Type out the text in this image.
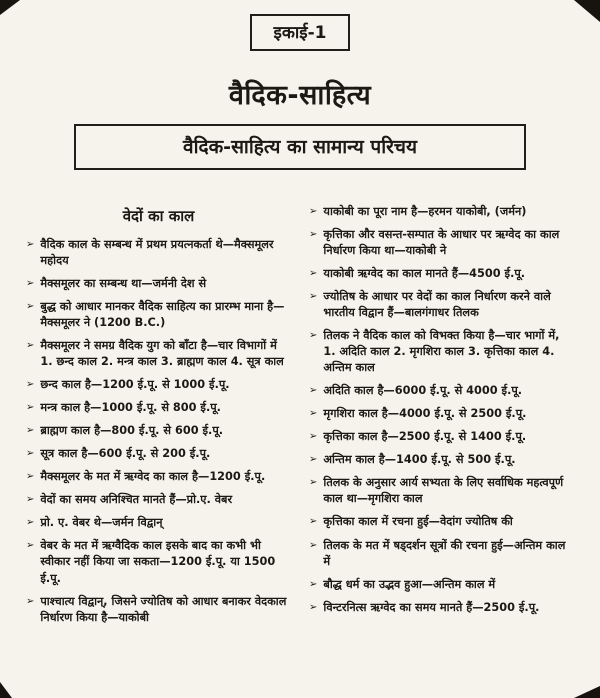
इकाई-1
वैदिक-साहित्य
वैदिक-साहित्य का सामान्य परिचय
वेदों का काल
➢ वैदिक काल के सम्बन्ध में प्रथम प्रयत्नकर्ता थे—मैक्समूलर महोदय
➢ मैक्समूलर का सम्बन्ध था—जर्मनी देश से
➢ बुद्ध को आधार मानकर वैदिक साहित्य का प्रारम्भ माना है—मैक्समूलर ने (1200 B.C.)
➢ मैक्समूलर ने समग्र वैदिक युग को बाँटा है—चार विभागों में 1. छन्द काल 2. मन्त्र काल 3. ब्राह्मण काल 4. सूत्र काल
➢ छन्द काल है—1200 ई.पू. से 1000 ई.पू.
➢ मन्त्र काल है—1000 ई.पू. से 800 ई.पू.
➢ ब्राह्मण काल है—800 ई.पू. से 600 ई.पू.
➢ सूत्र काल है—600 ई.पू. से 200 ई.पू.
➢ मैक्समूलर के मत में ऋग्वेद का काल है—1200 ई.पू.
➢ वेदों का समय अनिश्चित मानते हैं—प्रो.ए. वेबर
➢ प्रो. ए. वेबर थे—जर्मन विद्वान्
➢ वेबर के मत में ऋग्वैदिक काल इसके बाद का कभी भी स्वीकार नहीं किया जा सकता—1200 ई.पू. या 1500 ई.पू.
➢ पाश्चात्य विद्वान्, जिसने ज्योतिष को आधार बनाकर वेदकाल निर्धारण किया है—याकोबी
➢ याकोबी का पूरा नाम है—हरमन याकोबी, (जर्मन)
➢ कृत्तिका और वसन्त-सम्पात के आधार पर ऋग्वेद का काल निर्धारण किया था—याकोबी ने
➢ याकोबी ऋग्वेद का काल मानते हैं—4500 ई.पू.
➢ ज्योतिष के आधार पर वेदों का काल निर्धारण करने वाले भारतीय विद्वान हैं—बालगंगाधर तिलक
➢ तिलक ने वैदिक काल को विभक्त किया है—चार भागों में, 1. अदिति काल 2. मृगशिरा काल 3. कृत्तिका काल 4. अन्तिम काल
➢ अदिति काल है—6000 ई.पू. से 4000 ई.पू.
➢ मृगशिरा काल है—4000 ई.पू. से 2500 ई.पू.
➢ कृत्तिका काल है—2500 ई.पू. से 1400 ई.पू.
➢ अन्तिम काल है—1400 ई.पू. से 500 ई.पू.
➢ तिलक के अनुसार आर्य सभ्यता के लिए सर्वाधिक महत्वपूर्ण काल था—मृगशिरा काल
➢ कृत्तिका काल में रचना हुई—वेदांग ज्योतिष की
➢ तिलक के मत में षड्दर्शन सूत्रों की रचना हुई—अन्तिम काल में
➢ बौद्ध धर्म का उद्भव हुआ—अन्तिम काल में
➢ विन्टरनित्स ऋग्वेद का समय मानते हैं—2500 ई.पू.
